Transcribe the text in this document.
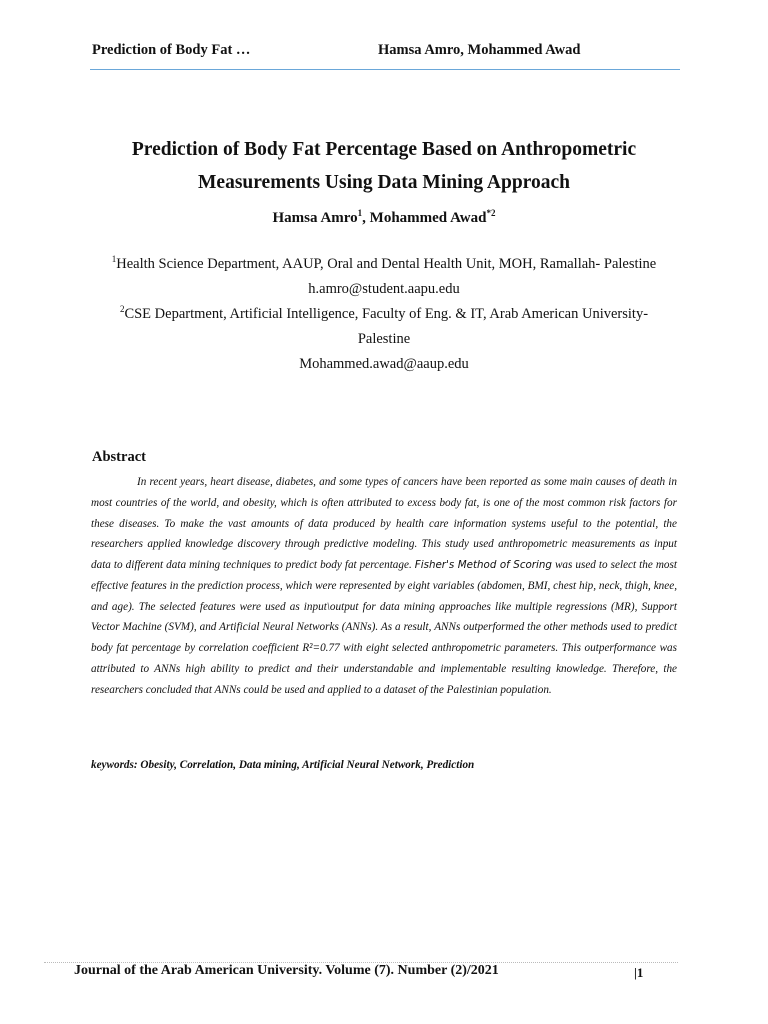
Prediction of Body Fat …	Hamsa Amro, Mohammed Awad
Prediction of Body Fat Percentage Based on Anthropometric
Measurements Using Data Mining Approach
Hamsa Amro$^1$, Mohammed Awad$^{*2}$
$^1$Health Science Department, AAUP, Oral and Dental Health Unit, MOH, Ramallah- Palestine
h.amro@student.aapu.edu
$^2$CSE Department, Artificial Intelligence, Faculty of Eng. & IT, Arab American University-
Palestine
Mohammed.awad@aaup.edu
Abstract
In recent years, heart disease, diabetes, and some types of cancers have been reported as some main causes of death in most countries of the world, and obesity, which is often attributed to excess body fat, is one of the most common risk factors for these diseases. To make the vast amounts of data produced by health care information systems useful to the potential, the researchers applied knowledge discovery through predictive modeling. This study used anthropometric measurements as input data to different data mining techniques to predict body fat percentage. Fisher's Method of Scoring was used to select the most effective features in the prediction process, which were represented by eight variables (abdomen, BMI, chest hip, neck, thigh, knee, and age). The selected features were used as input\output for data mining approaches like multiple regressions (MR), Support Vector Machine (SVM), and Artificial Neural Networks (ANNs). As a result, ANNs outperformed the other methods used to predict body fat percentage by correlation coefficient R²=0.77 with eight selected anthropometric parameters. This outperformance was attributed to ANNs high ability to predict and their understandable and implementable resulting knowledge. Therefore, the researchers concluded that ANNs could be used and applied to a dataset of the Palestinian population.
keywords: Obesity, Correlation, Data mining, Artificial Neural Network, Prediction
Journal of the Arab American University. Volume (7). Number (2)/2021	|1
